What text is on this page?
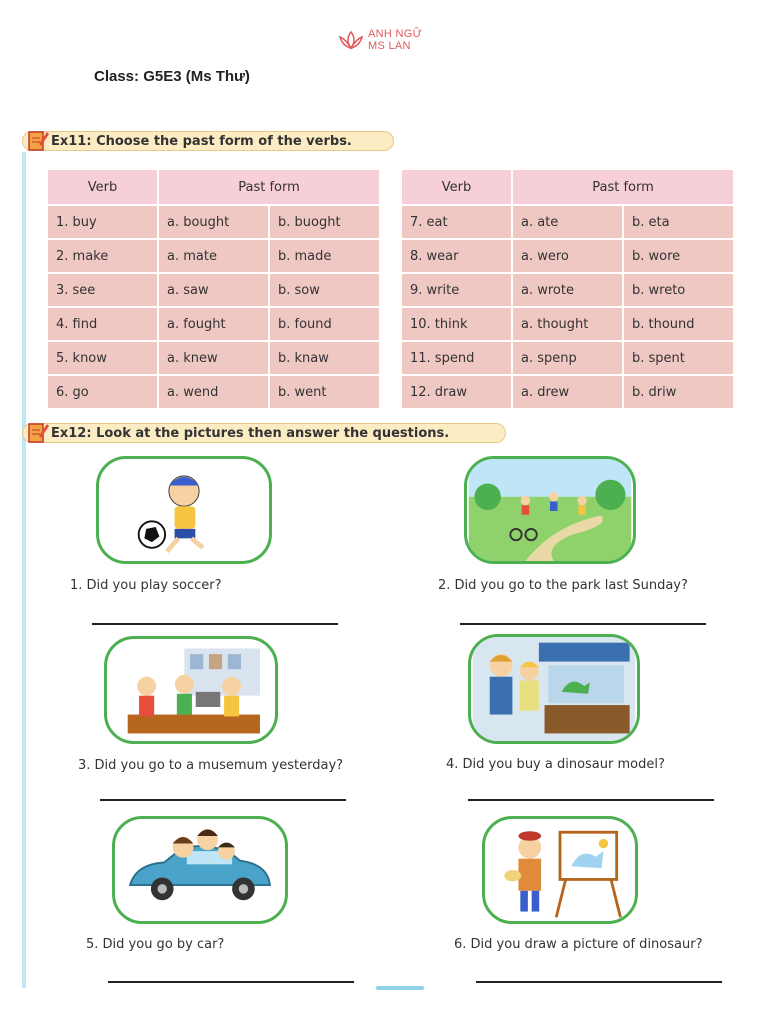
ANH NGỮ
MS LAN
Class: G5E3 (Ms Thư)
Ex11: Choose the past form of the verbs.
Verb	Past form	
1. buy	a. bought	b. buoght
2. make	a. mate	b. made
3. see	a. saw	b. sow
4. find	a. fought	b. found
5. know	a. knew	b. knaw
6. go	a. wend	b. went
Verb	Past form	
7. eat	a. ate	b. eta
8. wear	a. wero	b. wore
9. write	a. wrote	b. wreto
10. think	a. thought	b. thound
11. spend	a. spenp	b. spent
12. draw	a. drew	b. driw
Ex12: Look at the pictures then answer the questions.
1. Did you play soccer?	2. Did you go to the park last Sunday?
3. Did you go to a musemum yesterday?	4. Did you buy a dinosaur model?
5. Did you go by car?	6. Did you draw a picture of dinosaur?
